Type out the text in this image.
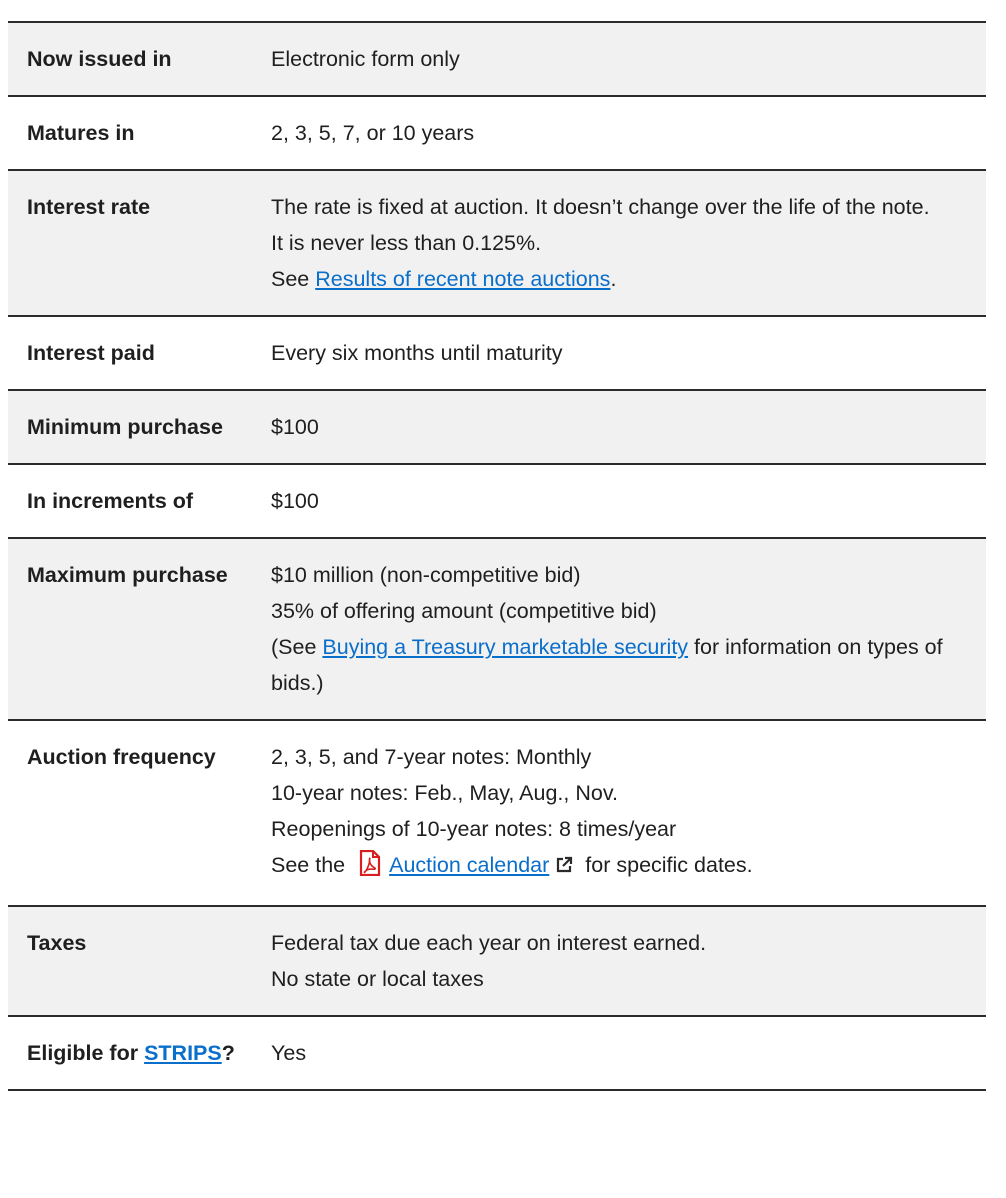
Now issued in	Electronic form only

Matures in	2, 3, 5, 7, or 10 years

Interest rate	The rate is fixed at auction. It doesn’t change over the life of the note.
It is never less than 0.125%.
See Results of recent note auctions.

Interest paid	Every six months until maturity

Minimum purchase	$100

In increments of	$100

Maximum purchase	$10 million (non-competitive bid)
35% of offering amount (competitive bid)
(See Buying a Treasury marketable security for information on types of bids.)

Auction frequency	2, 3, 5, and 7-year notes: Monthly
10-year notes: Feb., May, Aug., Nov.
Reopenings of 10-year notes: 8 times/year
See the Auction calendar for specific dates.

Taxes	Federal tax due each year on interest earned.
No state or local taxes

Eligible for STRIPS?	Yes
